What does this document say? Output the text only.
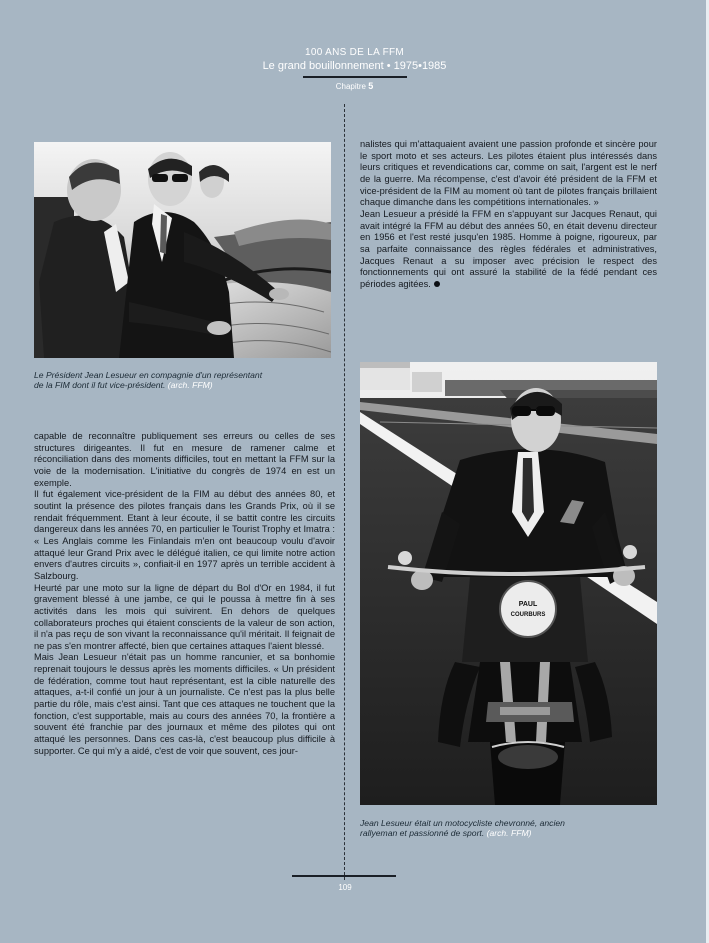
100 ANS DE LA FFM
Le grand bouillonnement • 1975•1985
Chapitre 5
Le Président Jean Lesueur en compagnie d'un représentant de la FIM dont il fut vice-président. (arch. FFM)
PAUL
COURBURS
Jean Lesueur était un motocycliste chevronné, ancien rallyeman et passionné de sport. (arch. FFM)

capable de reconnaître publiquement ses erreurs ou celles de ses structures dirigeantes. Il fut en mesure de ramener calme et réconciliation dans des moments difficiles, tout en mettant la FFM sur la voie de la modernisation. L'initiative du congrès de 1974 en est un exemple.

Il fut également vice-président de la FIM au début des années 80, et soutint la présence des pilotes français dans les Grands Prix, où il se rendait fréquemment. Etant à leur écoute, il se battit contre les circuits dangereux dans les années 70, en particulier le Tourist Trophy et Imatra : « Les Anglais comme les Finlandais m'en ont beaucoup voulu d'avoir attaqué leur Grand Prix avec le délégué italien, ce qui limite notre action envers d'autres circuits », confiait-il en 1977 après un terrible accident à Salzbourg.

Heurté par une moto sur la ligne de départ du Bol d'Or en 1984, il fut gravement blessé à une jambe, ce qui le poussa à mettre fin à ses activités dans les mois qui suivirent. En dehors de quelques collaborateurs proches qui étaient conscients de la valeur de son action, il n'a pas reçu de son vivant la reconnaissance qu'il méritait. Il feignait de ne pas s'en montrer affecté, bien que certaines attaques l'aient blessé.

Mais Jean Lesueur n'était pas un homme rancunier, et sa bonhomie reprenait toujours le dessus après les moments difficiles. « Un président de fédération, comme tout haut représentant, est la cible naturelle des attaques, a-t-il confié un jour à un journaliste. Ce n'est pas la plus belle partie du rôle, mais c'est ainsi. Tant que ces attaques ne touchent que la fonction, c'est supportable, mais au cours des années 70, la frontière a souvent été franchie par des journaux et même des pilotes qui ont attaqué les personnes. Dans ces cas-là, c'est beaucoup plus difficile à supporter. Ce qui m'y a aidé, c'est de voir que souvent, ces jour-

nalistes qui m'attaquaient avaient une passion profonde et sincère pour le sport moto et ses acteurs. Les pilotes étaient plus intéressés dans leurs critiques et revendications car, comme on sait, l'argent est le nerf de la guerre. Ma récompense, c'est d'avoir été président de la FFM et vice-président de la FIM au moment où tant de pilotes français brillaient chaque dimanche dans les compétitions internationales. »

Jean Lesueur a présidé la FFM en s'appuyant sur Jacques Renaut, qui avait intégré la FFM au début des années 50, en était devenu directeur en 1956 et l'est resté jusqu'en 1985. Homme à poigne, rigoureux, par sa parfaite connaissance des règles fédérales et administratives, Jacques Renaut a su imposer avec précision le respect des fonctionnements qui ont assuré la stabilité de la fédé pendant ces périodes agitées.

109
